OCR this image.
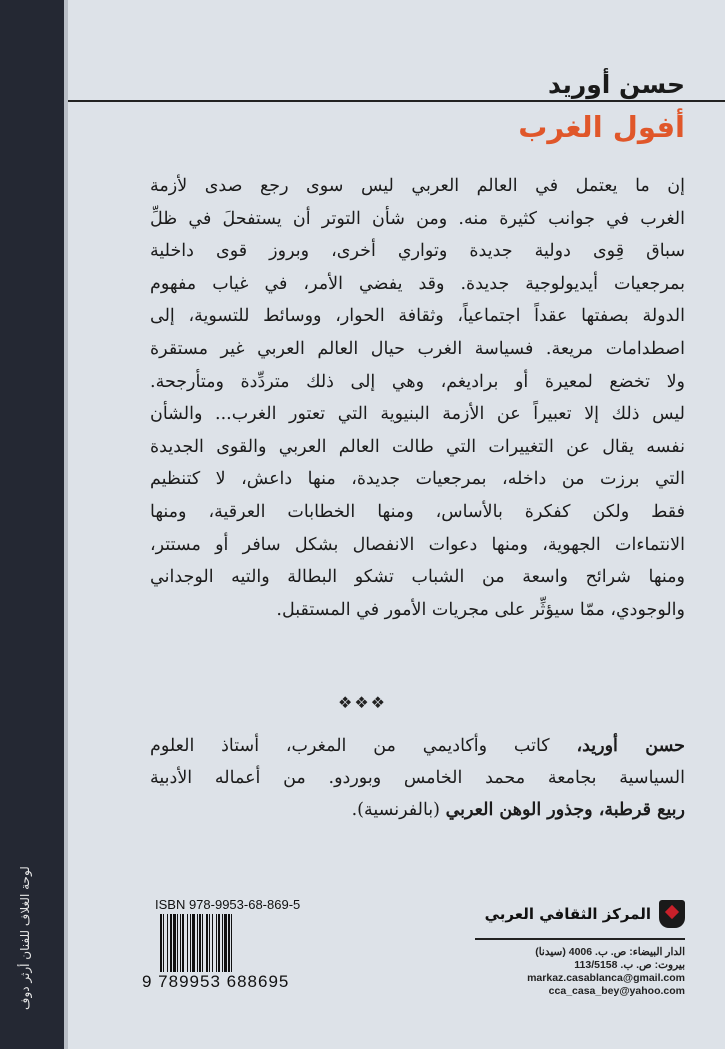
لوحة الغلاف للفنان أرثر دوف
حسن أوريد
أفول الغرب
إن ما يعتمل في العالم العربي ليس سوى رجع صدى لأزمة
الغرب في جوانب كثيرة منه. ومن شأن التوتر أن يستفحلَ في ظلِّ
سباق قِوى دولية جديدة وتواري أخرى، وبروز قوى داخلية
بمرجعيات أيديولوجية جديدة. وقد يفضي الأمر، في غياب مفهوم
الدولة بصفتها عقداً اجتماعياً، وثقافة الحوار، ووسائط للتسوية، إلى
اصطدامات مريعة. فسياسة الغرب حيال العالم العربي غير مستقرة
ولا تخضع لمعيرة أو براديغم، وهي إلى ذلك متردِّدة ومتأرجحة.
ليس ذلك إلا تعبيراً عن الأزمة البنيوية التي تعتور الغرب... والشأن
نفسه يقال عن التغييرات التي طالت العالم العربي والقوى الجديدة
التي برزت من داخله، بمرجعيات جديدة، منها داعش، لا كتنظيم
فقط ولكن كفكرة بالأساس، ومنها الخطابات العرقية، ومنها
الانتماءات الجهوية، ومنها دعوات الانفصال بشكل سافر أو مستتر،
ومنها شرائح واسعة من الشباب تشكو البطالة والتيه الوجداني
والوجودي، ممّا سيؤثِّر على مجريات الأمور في المستقبل.
❖❖❖
حسن أوريد، كاتب وأكاديمي من المغرب، أستاذ العلوم
السياسية بجامعة محمد الخامس وبوردو. من أعماله الأدبية
ربيع قرطبة، وجذور الوهن العربي (بالفرنسية).
ISBN 978-9953-68-869-5
9 789953 688695
المركز الثقافي العربي
الدار البيضاء: ص. ب. 4006 (سيدنا)
بيروت: ص. ب. 113/5158
markaz.casablanca@gmail.com
cca_casa_bey@yahoo.com
